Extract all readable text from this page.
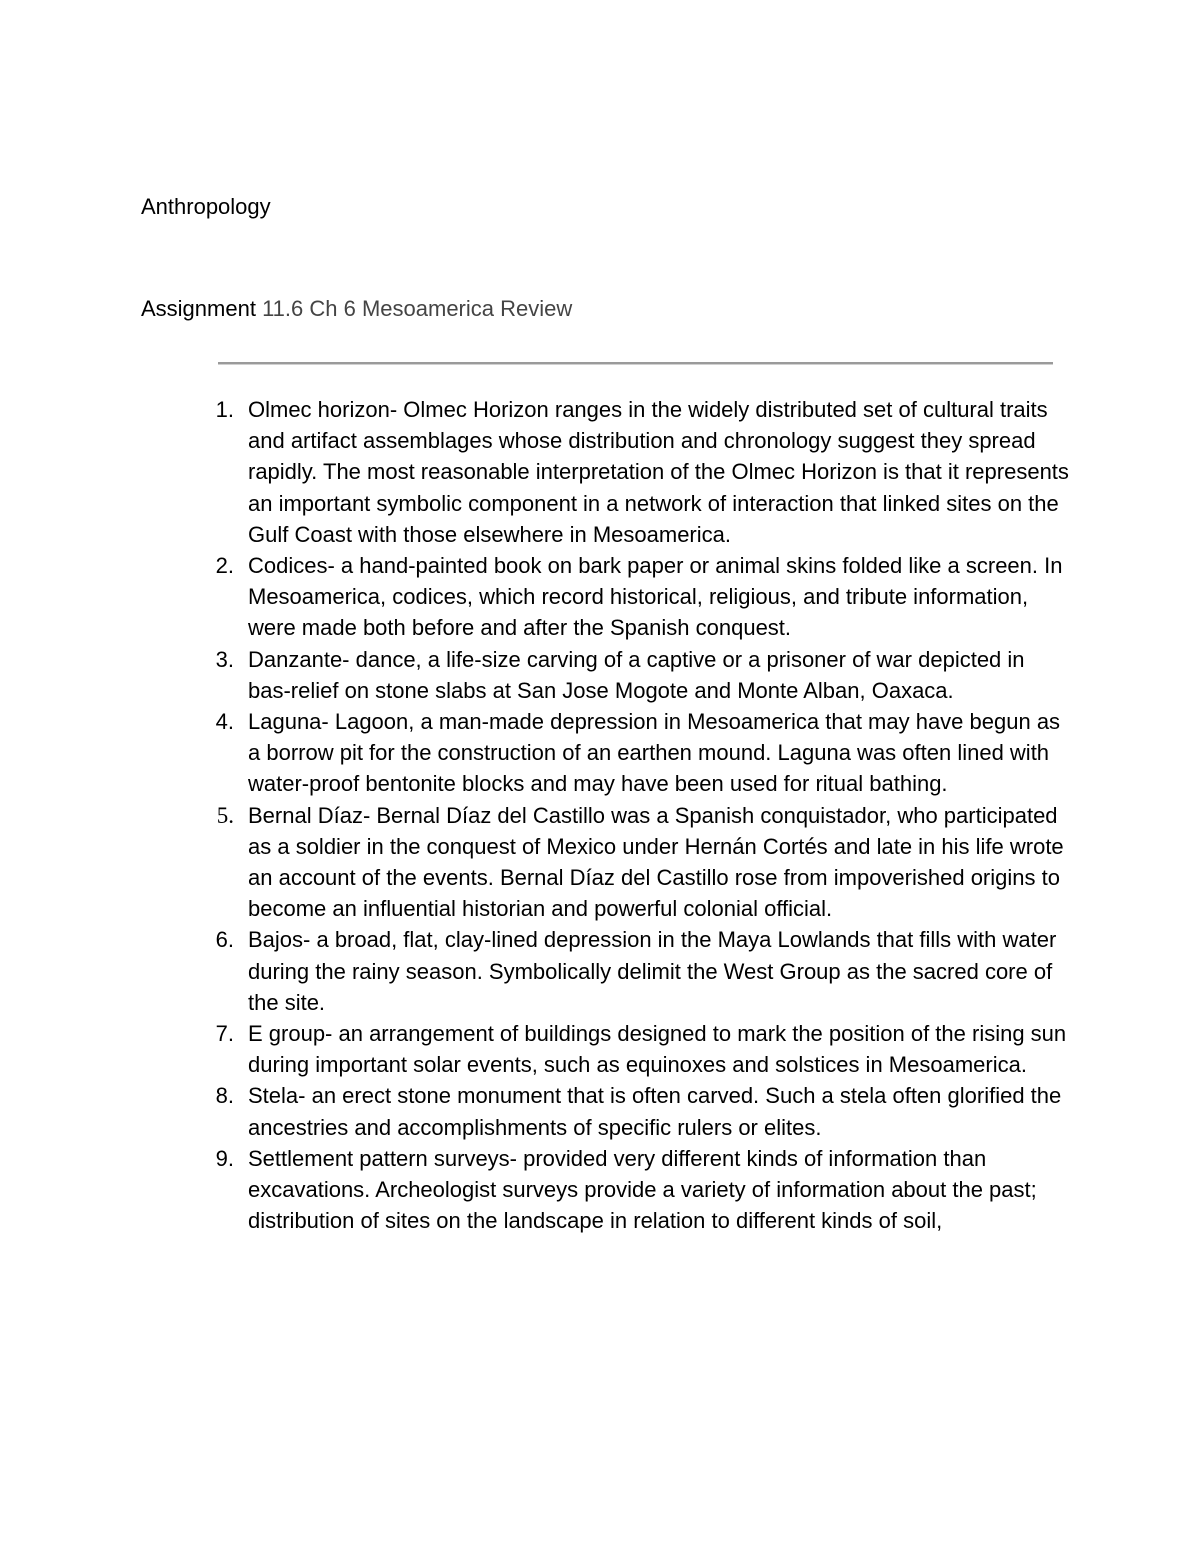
Anthropology
Assignment 11.6 Ch 6 Mesoamerica Review
1. Olmec horizon- Olmec Horizon ranges in the widely distributed set of cultural traits and artifact assemblages whose distribution and chronology suggest they spread rapidly. The most reasonable interpretation of the Olmec Horizon is that it represents an important symbolic component in a network of interaction that linked sites on the Gulf Coast with those elsewhere in Mesoamerica.
2. Codices- a hand-painted book on bark paper or animal skins folded like a screen. In Mesoamerica, codices, which record historical, religious, and tribute information, were made both before and after the Spanish conquest.
3. Danzante- dance, a life-size carving of a captive or a prisoner of war depicted in bas-relief on stone slabs at San Jose Mogote and Monte Alban, Oaxaca.
4. Laguna- Lagoon, a man-made depression in Mesoamerica that may have begun as a borrow pit for the construction of an earthen mound. Laguna was often lined with water-proof bentonite blocks and may have been used for ritual bathing.
5. Bernal Díaz- Bernal Díaz del Castillo was a Spanish conquistador, who participated as a soldier in the conquest of Mexico under Hernán Cortés and late in his life wrote an account of the events. Bernal Díaz del Castillo rose from impoverished origins to become an influential historian and powerful colonial official.
6. Bajos- a broad, flat, clay-lined depression in the Maya Lowlands that fills with water during the rainy season. Symbolically delimit the West Group as the sacred core of the site.
7. E group- an arrangement of buildings designed to mark the position of the rising sun during important solar events, such as equinoxes and solstices in Mesoamerica.
8. Stela- an erect stone monument that is often carved. Such a stela often glorified the ancestries and accomplishments of specific rulers or elites.
9. Settlement pattern surveys- provided very different kinds of information than excavations. Archeologist surveys provide a variety of information about the past; distribution of sites on the landscape in relation to different kinds of soil,
